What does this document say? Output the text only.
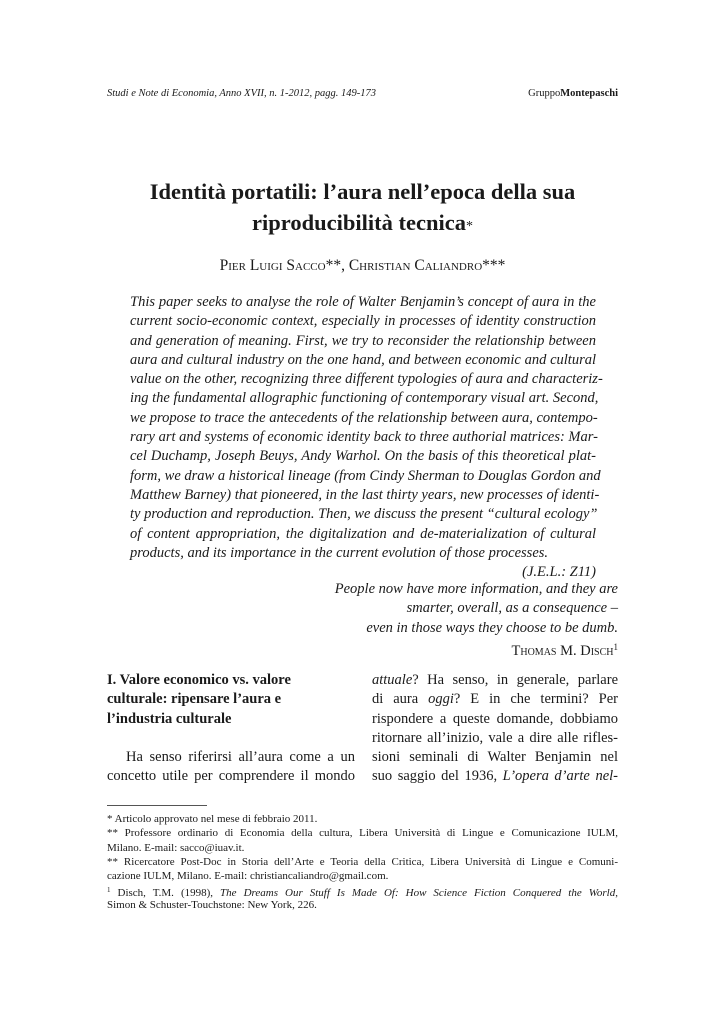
Studi e Note di Economia, Anno XVII, n. 1-2012, pagg. 149-173	GruppoMontepaschi
Identità portatili: l’aura nell’epoca della sua
riproducibilità tecnica*
Pier Luigi Sacco**, Christian Caliandro***
This paper seeks to analyse the role of Walter Benjamin’s concept of aura in the
current socio-economic context, especially in processes of identity construction
and generation of meaning. First, we try to reconsider the relationship between
aura and cultural industry on the one hand, and between economic and cultural
value on the other, recognizing three different typologies of aura and characteriz-
ing the fundamental allographic functioning of contemporary visual art. Second,
we propose to trace the antecedents of the relationship between aura, contempo-
rary art and systems of economic identity back to three authorial matrices: Mar-
cel Duchamp, Joseph Beuys, Andy Warhol. On the basis of this theoretical plat-
form, we draw a historical lineage (from Cindy Sherman to Douglas Gordon and
Matthew Barney) that pioneered, in the last thirty years, new processes of identi-
ty production and reproduction. Then, we discuss the present “cultural ecology”
of content appropriation, the digitalization and de-materialization of cultural
products, and its importance in the current evolution of those processes.
(J.E.L.: Z11)
People now have more information, and they are
smarter, overall, as a consequence –
even in those ways they choose to be dumb.
Thomas M. Disch$^1$
I. Valore economico vs. valore
culturale: ripensare l’aura e
l’industria culturale
Ha senso riferirsi all’aura come a un
concetto utile per comprendere il mondo
attuale? Ha senso, in generale, parlare
di aura oggi? E in che termini? Per
rispondere a queste domande, dobbiamo
ritornare all’inizio, vale a dire alle rifles-
sioni seminali di Walter Benjamin nel
suo saggio del 1936, L’opera d’arte nel-
* Articolo approvato nel mese di febbraio 2011.
** Professore ordinario di Economia della cultura, Libera Università di Lingue e Comunicazione IULM,
Milano. E-mail: sacco@iuav.it.
** Ricercatore Post-Doc in Storia dell’Arte e Teoria della Critica, Libera Università di Lingue e Comuni-
cazione IULM, Milano. E-mail: christiancaliandro@gmail.com.
$^1$ Disch, T.M. (1998), The Dreams Our Stuff Is Made Of: How Science Fiction Conquered the World,
Simon & Schuster-Touchstone: New York, 226.
